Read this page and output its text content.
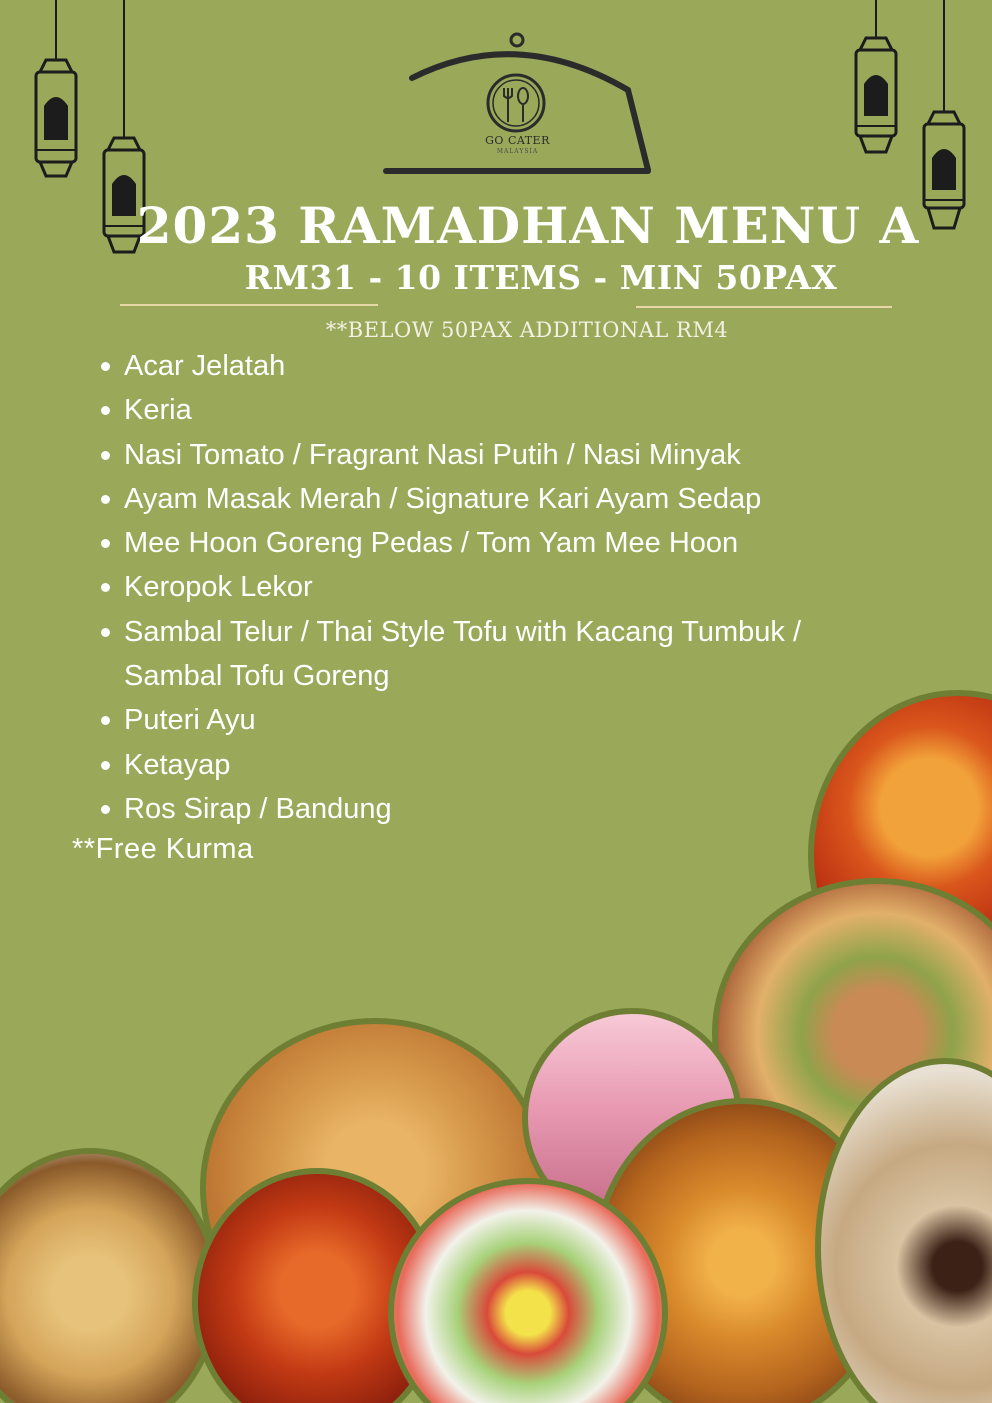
GO CATER
MALAYSIA
2023 RAMADHAN MENU A
RM31 - 10 ITEMS - MIN 50PAX
**BELOW 50PAX ADDITIONAL RM4
Acar Jelatah
Keria
Nasi Tomato / Fragrant Nasi Putih / Nasi Minyak
Ayam Masak Merah / Signature Kari Ayam Sedap
Mee Hoon Goreng Pedas / Tom Yam Mee Hoon
Keropok Lekor
Sambal Telur / Thai Style Tofu with Kacang Tumbuk / Sambal Tofu Goreng
Puteri Ayu
Ketayap
Ros Sirap / Bandung
**Free Kurma
